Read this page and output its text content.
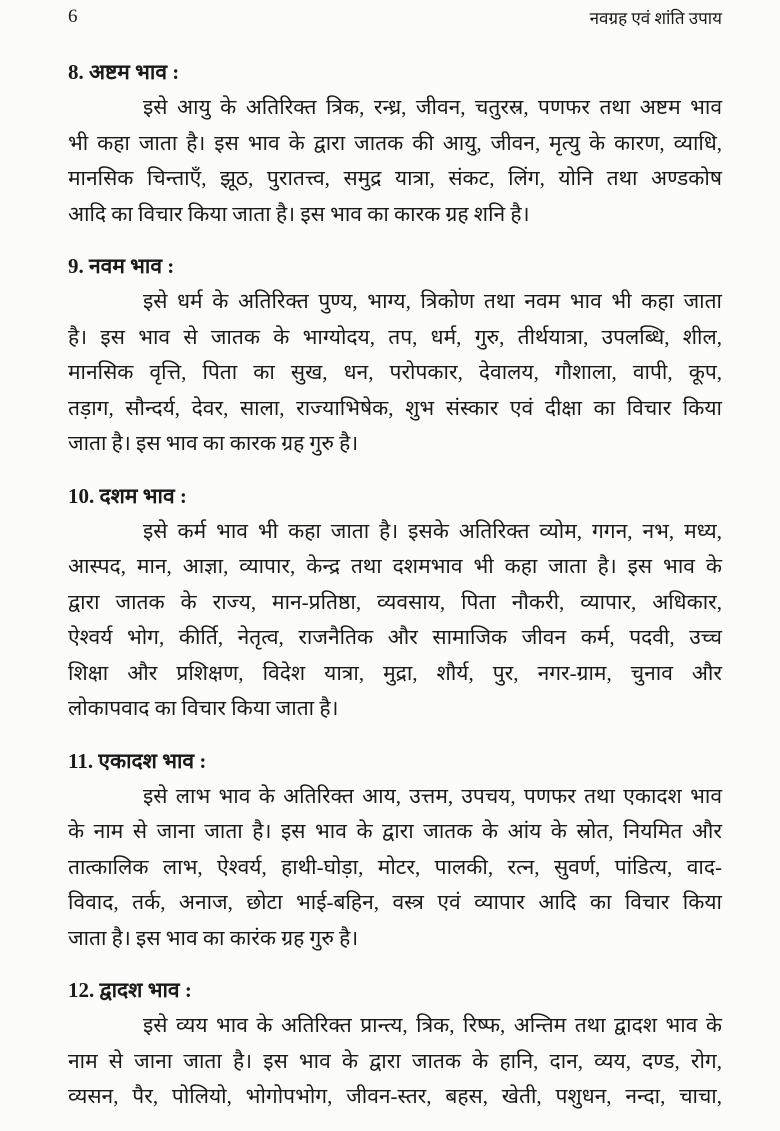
6	नवग्रह एवं शांति उपाय
8. अष्टम भाव :
इसे आयु के अतिरिक्त त्रिक, रन्ध्र, जीवन, चतुरस्र, पणफर तथा अष्टम भाव
भी कहा जाता है। इस भाव के द्वारा जातक की आयु, जीवन, मृत्यु के कारण, व्याधि,
मानसिक चिन्ताएँ, झूठ, पुरातत्त्व, समुद्र यात्रा, संकट, लिंग, योनि तथा अण्डकोष
आदि का विचार किया जाता है। इस भाव का कारक ग्रह शनि है।
9. नवम भाव :
इसे धर्म के अतिरिक्त पुण्य, भाग्य, त्रिकोण तथा नवम भाव भी कहा जाता
है। इस भाव से जातक के भाग्योदय, तप, धर्म, गुरु, तीर्थयात्रा, उपलब्धि, शील,
मानसिक वृत्ति, पिता का सुख, धन, परोपकार, देवालय, गौशाला, वापी, कूप,
तड़ाग, सौन्दर्य, देवर, साला, राज्याभिषेक, शुभ संस्कार एवं दीक्षा का विचार किया
जाता है। इस भाव का कारक ग्रह गुरु है।
10. दशम भाव :
इसे कर्म भाव भी कहा जाता है। इसके अतिरिक्त व्योम, गगन, नभ, मध्य,
आस्पद, मान, आज्ञा, व्यापार, केन्द्र तथा दशमभाव भी कहा जाता है। इस भाव के
द्वारा जातक के राज्य, मान-प्रतिष्ठा, व्यवसाय, पिता नौकरी, व्यापार, अधिकार,
ऐश्वर्य भोग, कीर्ति, नेतृत्व, राजनैतिक और सामाजिक जीवन कर्म, पदवी, उच्च
शिक्षा और प्रशिक्षण, विदेश यात्रा, मुद्रा, शौर्य, पुर, नगर-ग्राम, चुनाव और
लोकापवाद का विचार किया जाता है।
11. एकादश भाव :
इसे लाभ भाव के अतिरिक्त आय, उत्तम, उपचय, पणफर तथा एकादश भाव
के नाम से जाना जाता है। इस भाव के द्वारा जातक के आंय के स्रोत, नियमित और
तात्कालिक लाभ, ऐश्वर्य, हाथी-घोड़ा, मोटर, पालकी, रत्न, सुवर्ण, पांडित्य, वाद-
विवाद, तर्क, अनाज, छोटा भाई-बहिन, वस्त्र एवं व्यापार आदि का विचार किया
जाता है। इस भाव का कारंक ग्रह गुरु है।
12. द्वादश भाव :
इसे व्यय भाव के अतिरिक्त प्रान्त्य, त्रिक, रिष्फ, अन्तिम तथा द्वादश भाव के
नाम से जाना जाता है। इस भाव के द्वारा जातक के हानि, दान, व्यय, दण्ड, रोग,
व्यसन, पैर, पोलियो, भोगोपभोग, जीवन-स्तर, बहस, खेती, पशुधन, नन्दा, चाचा,
